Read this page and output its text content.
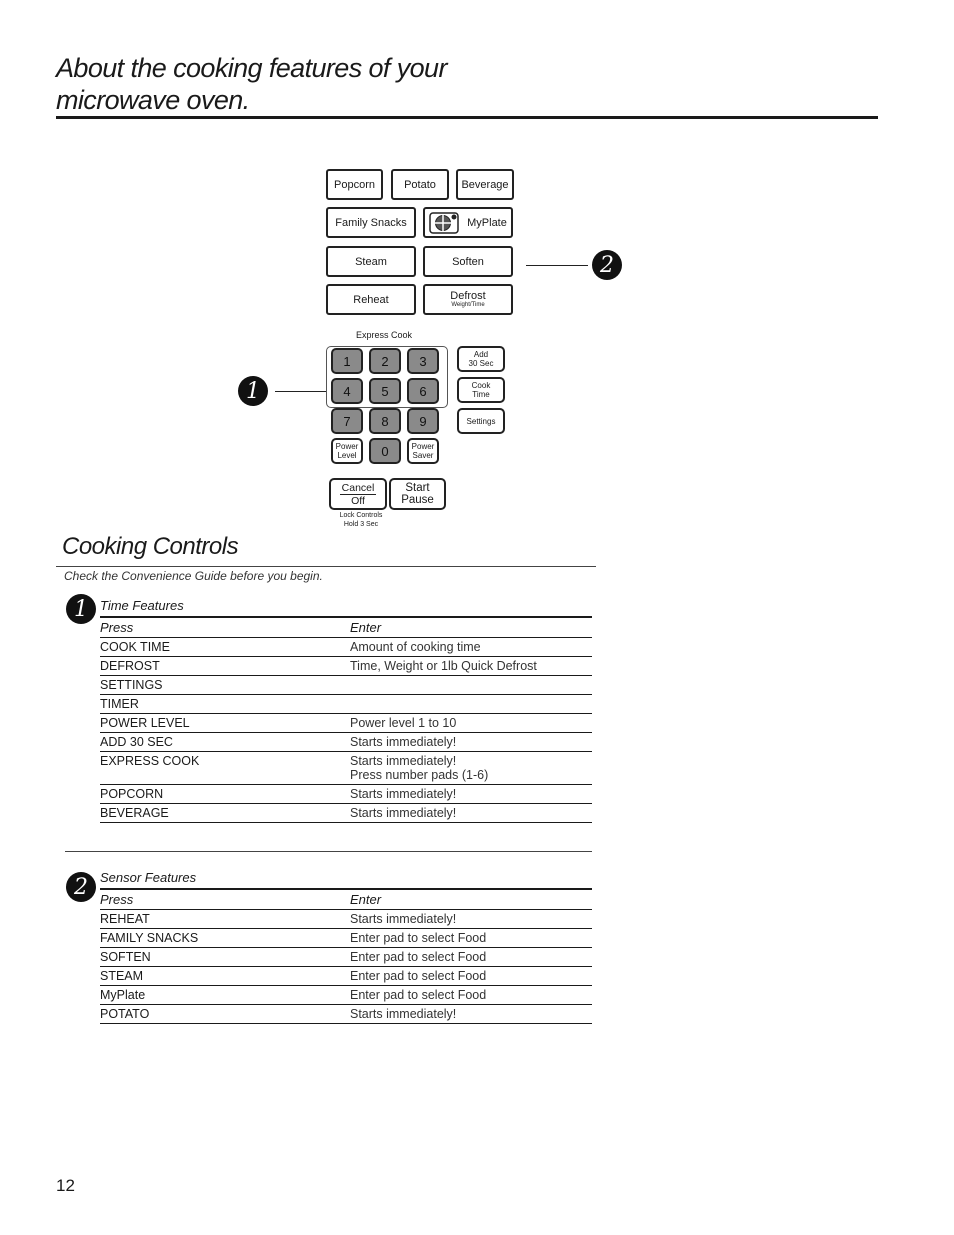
About the cooking features of your
microwave oven.
Popcorn	Potato Beverage
Family Snacks	MyPlate
Steam	Soften
Reheat	Defrost
Weight/Time
Express Cook
1	2	3
4	5	6
7	8	9
0
Power
Level
Power
Saver
Add
30 Sec
Cook
Time
Settings
Cancel
Off
Start
Pause
Lock Controls
Hold 3 Sec
1
2
Cooking Controls
Check the Convenience Guide before you begin.
1 Time Features
Press	Enter
COOK TIME	Amount of cooking time
DEFROST	Time, Weight or 1lb Quick Defrost
SETTINGS
TIMER
POWER LEVEL	Power level 1 to 10
ADD 30 SEC	Starts immediately!
EXPRESS COOK	Starts immediately!
Press number pads (1-6)
POPCORN	Starts immediately!
BEVERAGE	Starts immediately!
2 Sensor Features
Press	Enter
REHEAT	Starts immediately!
FAMILY SNACKS	Enter pad to select Food
SOFTEN	Enter pad to select Food
STEAM	Enter pad to select Food
MyPlate	Enter pad to select Food
POTATO	Starts immediately!
12
